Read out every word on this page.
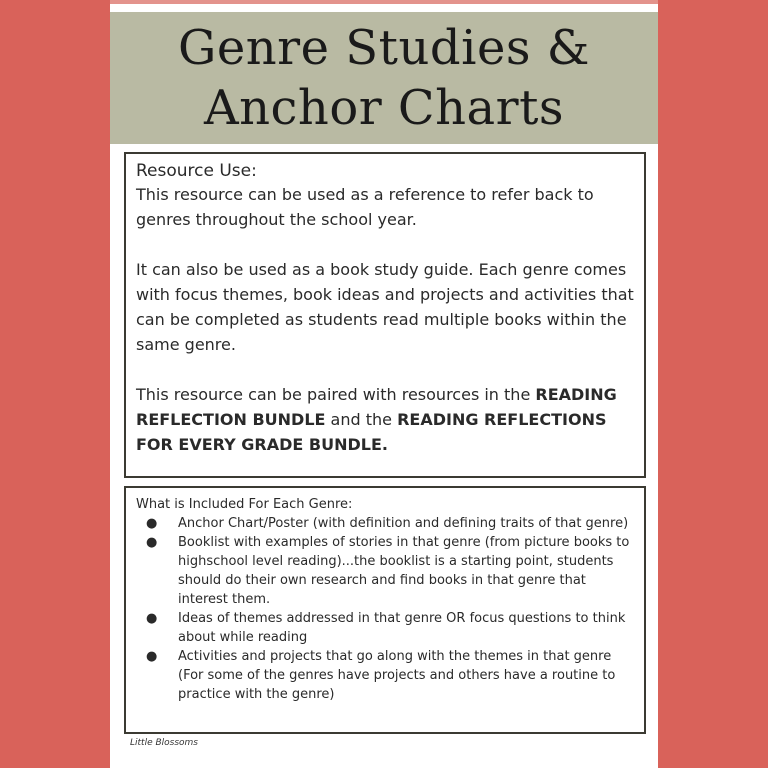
Genre Studies &
Anchor Charts
Resource Use:

This resource can be used as a reference to refer back to genres throughout the school year.

It can also be used as a book study guide. Each genre comes with focus themes, book ideas and projects and activities that can be completed as students read multiple books within the same genre.

This resource can be paired with resources in the READING REFLECTION BUNDLE and the READING REFLECTIONS FOR EVERY GRADE BUNDLE.

What is Included For Each Genre:
● Anchor Chart/Poster (with definition and defining traits of that genre)
● Booklist with examples of stories in that genre (from picture books to highschool level reading)...the booklist is a starting point, students should do their own research and find books in that genre that interest them.
● Ideas of themes addressed in that genre OR focus questions to think about while reading
● Activities and projects that go along with the themes in that genre (For some of the genres have projects and others have a routine to practice with the genre)
Little Blossoms
